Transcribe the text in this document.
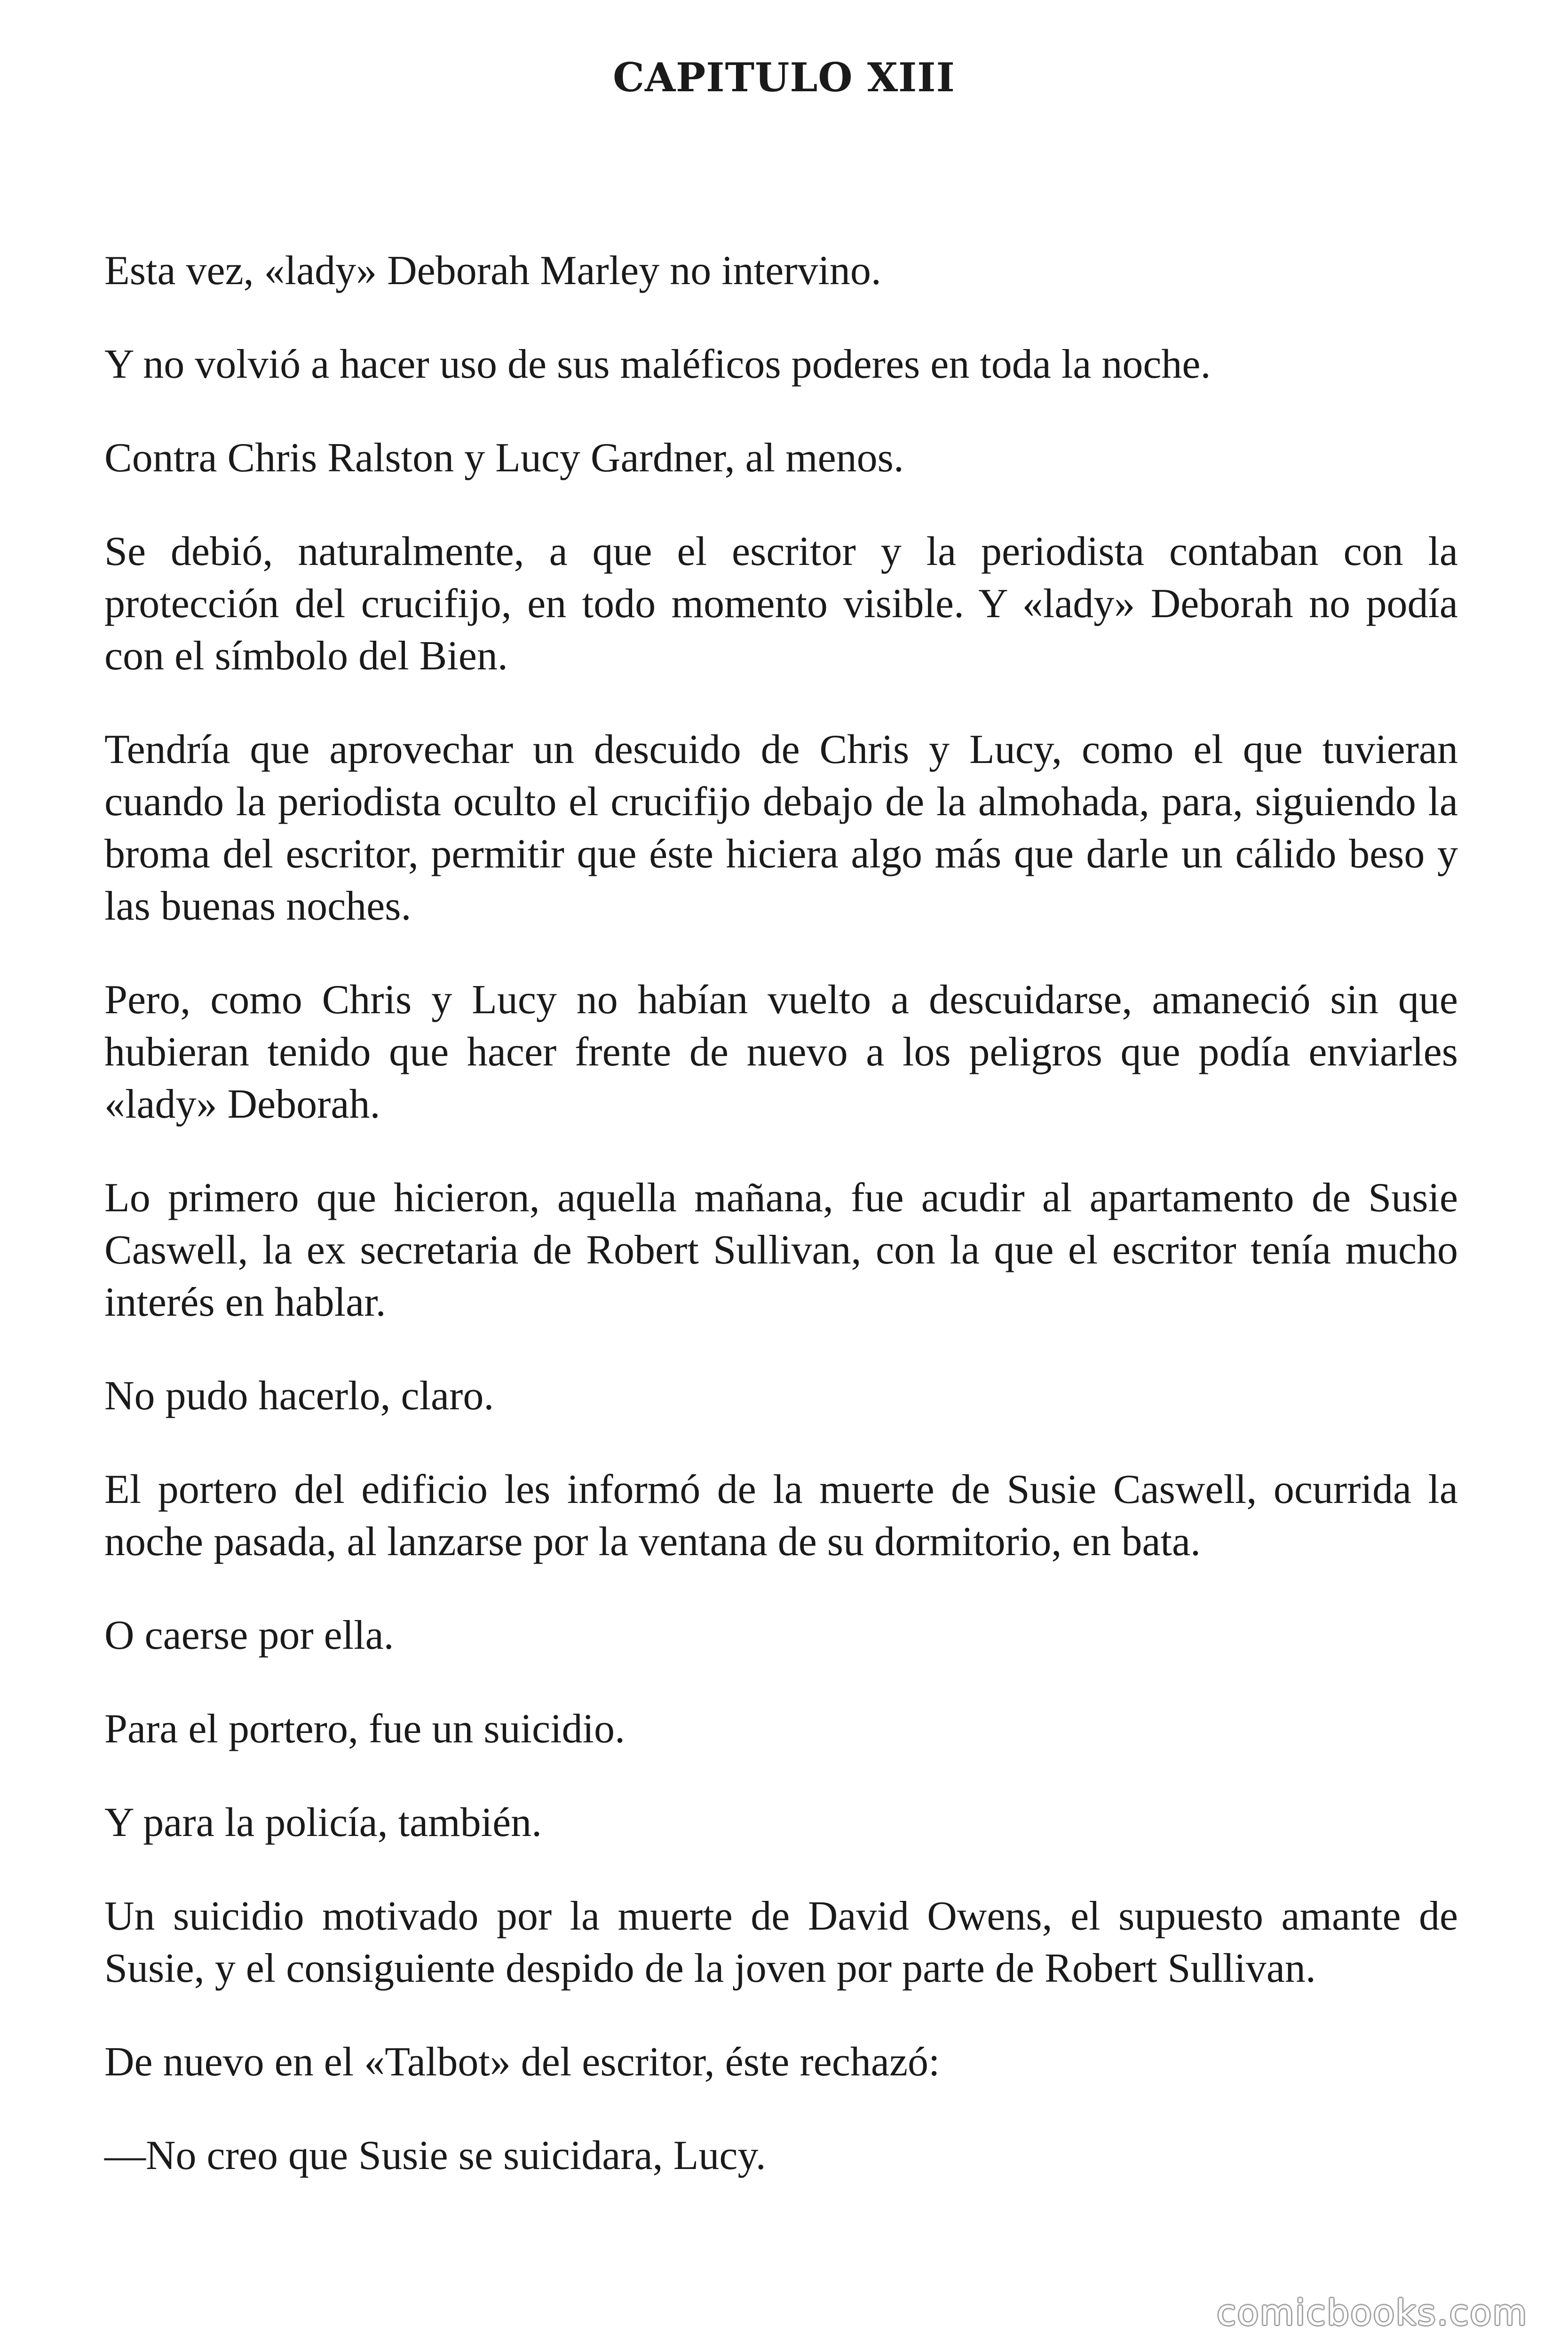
CAPITULO XIII

Esta vez, «lady» Deborah Marley no intervino.

Y no volvió a hacer uso de sus maléficos poderes en toda la noche.

Contra Chris Ralston y Lucy Gardner, al menos.

Se debió, naturalmente, a que el escritor y la periodista contaban con la protección del crucifijo, en todo momento visible. Y «lady» Deborah no podía con el símbolo del Bien.

Tendría que aprovechar un descuido de Chris y Lucy, como el que tuvieran cuando la periodista oculto el crucifijo debajo de la almohada, para, siguiendo la broma del escritor, permitir que éste hiciera algo más que darle un cálido beso y las buenas noches.

Pero, como Chris y Lucy no habían vuelto a descuidarse, amaneció sin que hubieran tenido que hacer frente de nuevo a los peligros que podía enviarles «lady» Deborah.

Lo primero que hicieron, aquella mañana, fue acudir al apartamento de Susie Caswell, la ex secretaria de Robert Sullivan, con la que el escritor tenía mucho interés en hablar.

No pudo hacerlo, claro.

El portero del edificio les informó de la muerte de Susie Caswell, ocurrida la noche pasada, al lanzarse por la ventana de su dormitorio, en bata.

O caerse por ella.

Para el portero, fue un suicidio.

Y para la policía, también.

Un suicidio motivado por la muerte de David Owens, el supuesto amante de Susie, y el consiguiente despido de la joven por parte de Robert Sullivan.

De nuevo en el «Talbot» del escritor, éste rechazó:

—No creo que Susie se suicidara, Lucy.

comicbooks.com
